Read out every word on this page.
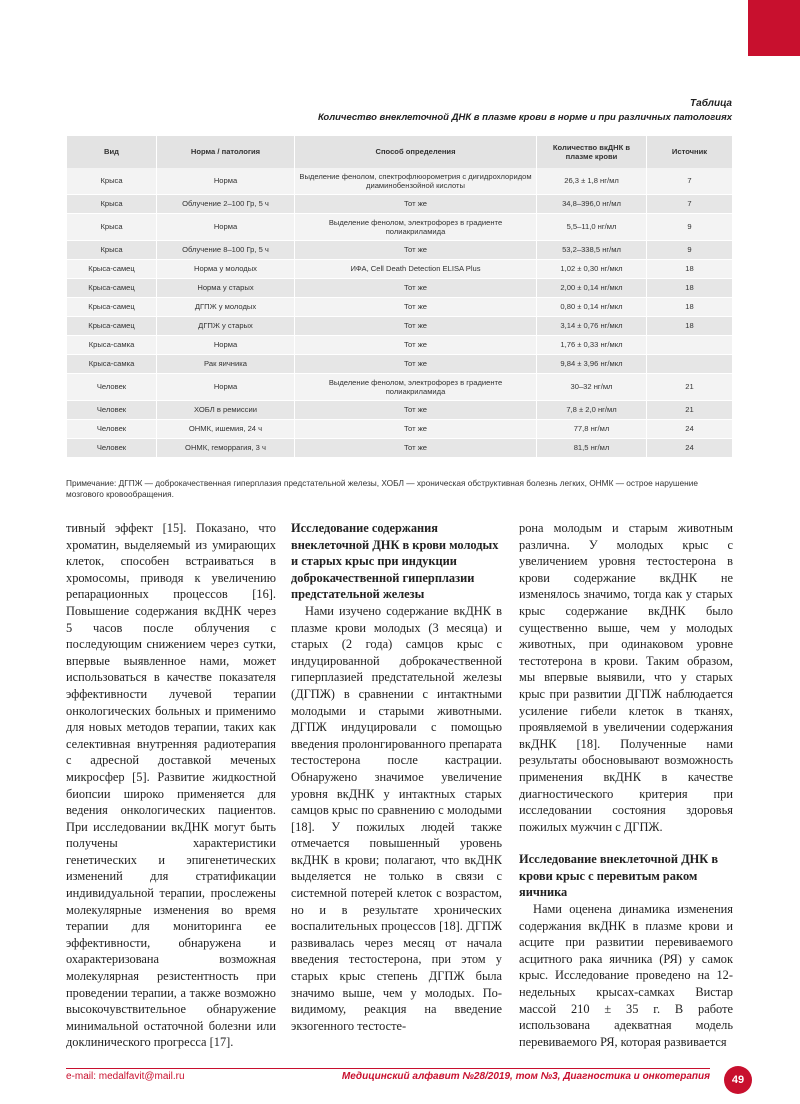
Таблица
Количество внеклеточной ДНК в плазме крови в норме и при различных патологиях
Вид	Норма / патология	Способ определения	Количество вкДНК в плазме крови	Источник
Крыса	Норма	Выделение фенолом, спектрофлюорометрия с дигидрохлоридом диаминобензойной кислоты	26,3 ± 1,8 нг/мл	7
Крыса	Облучение 2–100 Гр, 5 ч	Тот же	34,8–396,0 нг/мл	7
Крыса	Норма	Выделение фенолом, электрофорез в градиенте полиакриламида	5,5–11,0 нг/мл	9
Крыса	Облучение 8–100 Гр, 5 ч	Тот же	53,2–338,5 нг/мл	9
Крыса-самец	Норма у молодых	ИФА, Cell Death Detection ELISA Plus	1,02 ± 0,30 нг/мкл	18
Крыса-самец	Норма у старых	Тот же	2,00 ± 0,14 нг/мкл	18
Крыса-самец	ДГПЖ у молодых	Тот же	0,80 ± 0,14 нг/мкл	18
Крыса-самец	ДГПЖ у старых	Тот же	3,14 ± 0,76 нг/мкл	18
Крыса-самка	Норма	Тот же	1,76 ± 0,33 нг/мкл	
Крыса-самка	Рак яичника	Тот же	9,84 ± 3,96 нг/мкл	
Человек	Норма	Выделение фенолом, электрофорез в градиенте полиакриламида	30–32 нг/мл	21
Человек	ХОБЛ в ремиссии	Тот же	7,8 ± 2,0 нг/мл	21
Человек	ОНМК, ишемия, 24 ч	Тот же	77,8 нг/мл	24
Человек	ОНМК, геморрагия, 3 ч	Тот же	81,5 нг/мл	24
Примечание: ДГПЖ — доброкачественная гиперплазия предстательной железы, ХОБЛ — хроническая обструктивная болезнь легких, ОНМК — острое нарушение мозгового кровообращения.

тивный эффект [15]. Показано, что хроматин, выделяемый из умирающих клеток, способен встраиваться в хромосомы, приводя к увеличению репарационных процессов [16]. Повышение содержания вкДНК через 5 часов после облучения с последующим снижением через сутки, впервые выявленное нами, может использоваться в качестве показателя эффективности лучевой терапии онкологических больных и применимо для новых методов терапии, таких как селективная внутренняя радиотерапия с адресной доставкой меченых микросфер [5]. Развитие жидкостной биопсии широко применяется для ведения онкологических пациентов. При исследовании вкДНК могут быть получены характеристики генетических и эпигенетических изменений для стратификации индивидуальной терапии, прослежены молекулярные изменения во время терапии для мониторинга ее эффективности, обнаружена и охарактеризована возможная молекулярная резистентность при проведении терапии, а также возможно высокочувствительное обнаружение минимальной остаточной болезни или доклинического прогресса [17].

Исследование содержания внеклеточной ДНК в крови молодых и старых крыс при индукции доброкачественной гиперплазии предстательной железы

Нами изучено содержание вкДНК в плазме крови молодых (3 месяца) и старых (2 года) самцов крыс с индуцированной доброкачественной гиперплазией предстательной железы (ДГПЖ) в сравнении с интактными молодыми и старыми животными. ДГПЖ индуцировали с помощью введения пролонгированного препарата тестостерона после кастрации. Обнаружено значимое увеличение уровня вкДНК у интактных старых самцов крыс по сравнению с молодыми [18]. У пожилых людей также отмечается повышенный уровень вкДНК в крови; полагают, что вкДНК выделяется не только в связи с системной потерей клеток с возрастом, но и в результате хронических воспалительных процессов [18]. ДГПЖ развивалась через месяц от начала введения тестостерона, при этом у старых крыс степень ДГПЖ была значимо выше, чем у молодых. По-видимому, реакция на введение экзогенного тестосте-

рона молодым и старым животным различна. У молодых крыс с увеличением уровня тестостерона в крови содержание вкДНК не изменялось значимо, тогда как у старых крыс содержание вкДНК было существенно выше, чем у молодых животных, при одинаковом уровне тестотерона в крови. Таким образом, мы впервые выявили, что у старых крыс при развитии ДГПЖ наблюдается усиление гибели клеток в тканях, проявляемой в увеличении содержания вкДНК [18]. Полученные нами результаты обосновывают возможность применения вкДНК в качестве диагностического критерия при исследовании состояния здоровья пожилых мужчин с ДГПЖ.

Исследование внеклеточной ДНК в крови крыс с перевитым раком яичника

Нами оценена динамика изменения содержания вкДНК в плазме крови и асците при развитии перевиваемого асцитного рака яичника (РЯ) у самок крыс. Исследование проведено на 12-недельных крысах-самках Вистар массой 210 ± 35 г. В работе использована адекватная модель перевиваемого РЯ, которая развивается

e-mail: medalfavit@mail.ru	Медицинский алфавит №28/2019, том №3, Диагностика и онкотерапия	49
